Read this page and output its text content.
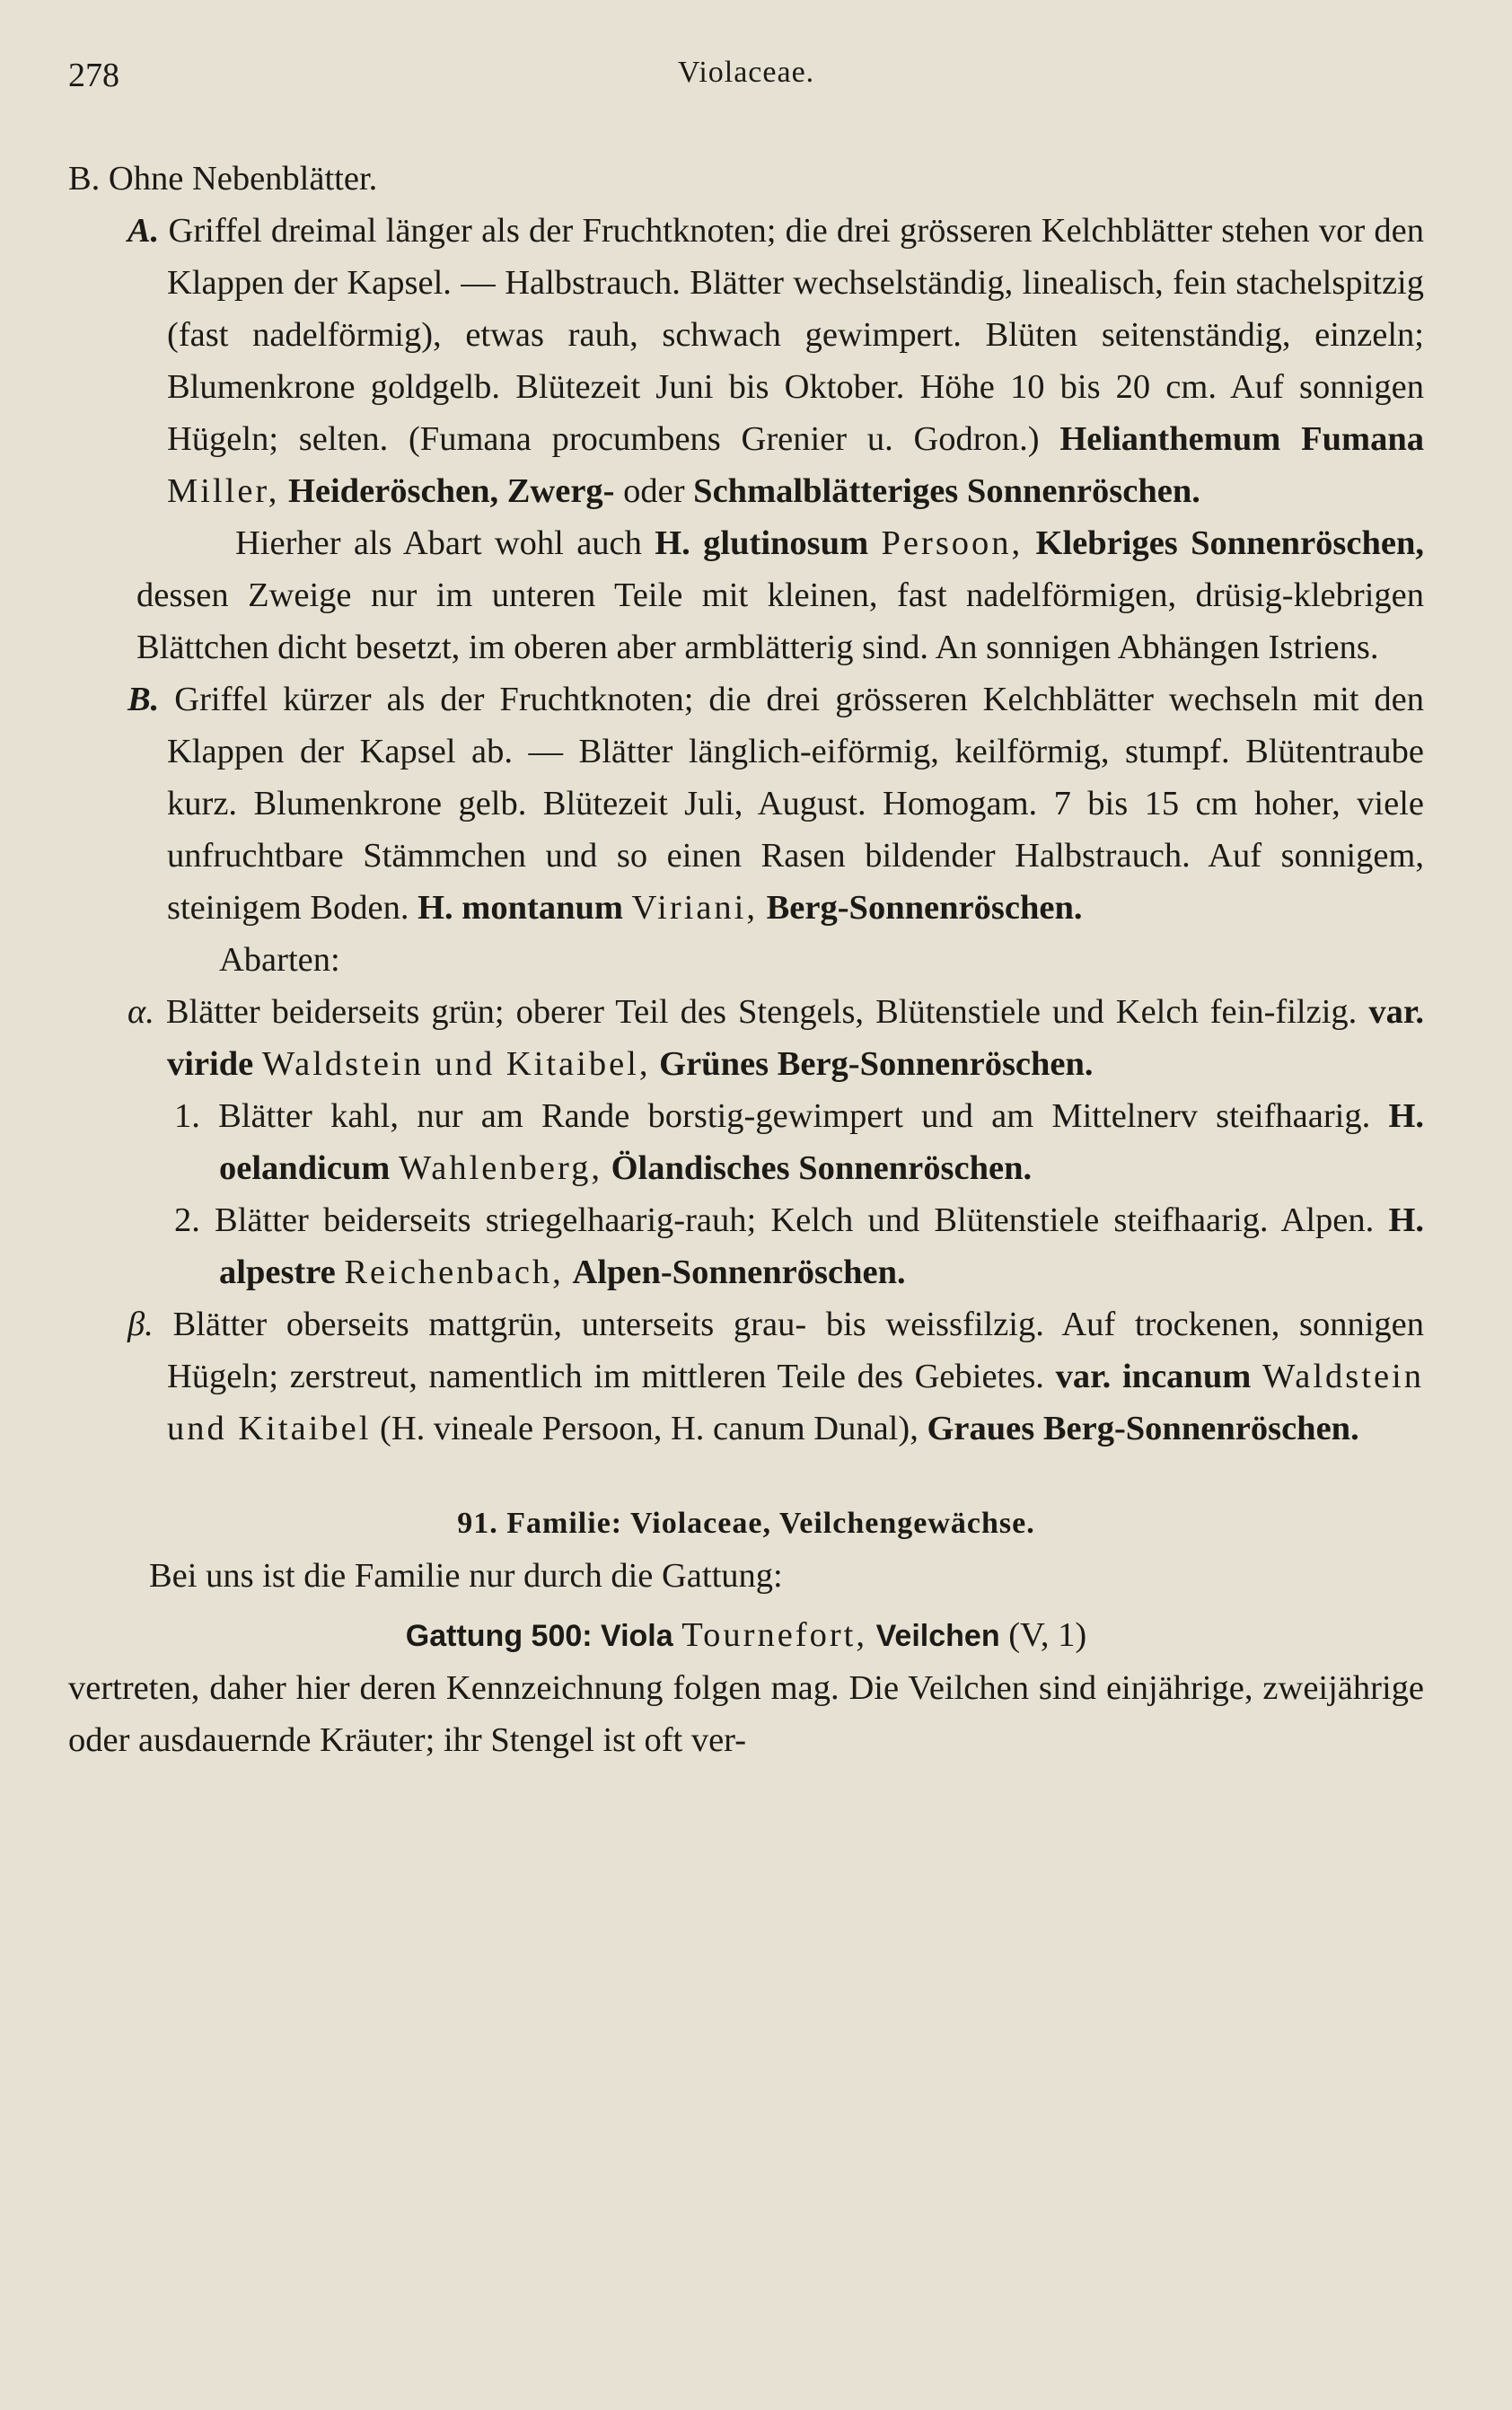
278	Violaceae.

B. Ohne Nebenblätter.

A. Griffel dreimal länger als der Fruchtknoten; die drei grösseren Kelchblätter stehen vor den Klappen der Kapsel. — Halbstrauch. Blätter wechselständig, linealisch, fein stachelspitzig (fast nadelförmig), etwas rauh, schwach gewimpert. Blüten seitenständig, einzeln; Blumenkrone goldgelb. Blütezeit Juni bis Oktober. Höhe 10 bis 20 cm. Auf sonnigen Hügeln; selten. (Fumana procumbens Grenier u. Godron.) Helianthemum Fumana Miller, Heideröschen, Zwerg- oder Schmalblätteriges Sonnenröschen.

Hierher als Abart wohl auch H. glutinosum Persoon, Klebriges Sonnenröschen, dessen Zweige nur im unteren Teile mit kleinen, fast nadelförmigen, drüsig-klebrigen Blättchen dicht besetzt, im oberen aber armblätterig sind. An sonnigen Abhängen Istriens.

B. Griffel kürzer als der Fruchtknoten; die drei grösseren Kelchblätter wechseln mit den Klappen der Kapsel ab. — Blätter länglich-eiförmig, keilförmig, stumpf. Blütentraube kurz. Blumenkrone gelb. Blütezeit Juli, August. Homogam. 7 bis 15 cm hoher, viele unfruchtbare Stämmchen und so einen Rasen bildender Halbstrauch. Auf sonnigem, steinigem Boden. H. montanum Viriani, Berg-Sonnenröschen.

Abarten:

α. Blätter beiderseits grün; oberer Teil des Stengels, Blütenstiele und Kelch fein-filzig. var. viride Waldstein und Kitaibel, Grünes Berg-Sonnenröschen.

1. Blätter kahl, nur am Rande borstig-gewimpert und am Mittelnerv steifhaarig. H. oelandicum Wahlenberg, Ölandisches Sonnenröschen.

2. Blätter beiderseits striegelhaarig-rauh; Kelch und Blütenstiele steifhaarig. Alpen. H. alpestre Reichenbach, Alpen-Sonnenröschen.

β. Blätter oberseits mattgrün, unterseits grau- bis weissfilzig. Auf trockenen, sonnigen Hügeln; zerstreut, namentlich im mittleren Teile des Gebietes. var. incanum Waldstein und Kitaibel (H. vineale Persoon, H. canum Dunal), Graues Berg-Sonnenröschen.

91. Familie: Violaceae, Veilchengewächse.

Bei uns ist die Familie nur durch die Gattung:

Gattung 500: Viola Tournefort, Veilchen (V, 1)

vertreten, daher hier deren Kennzeichnung folgen mag. Die Veilchen sind einjährige, zweijährige oder ausdauernde Kräuter; ihr Stengel ist oft ver-
